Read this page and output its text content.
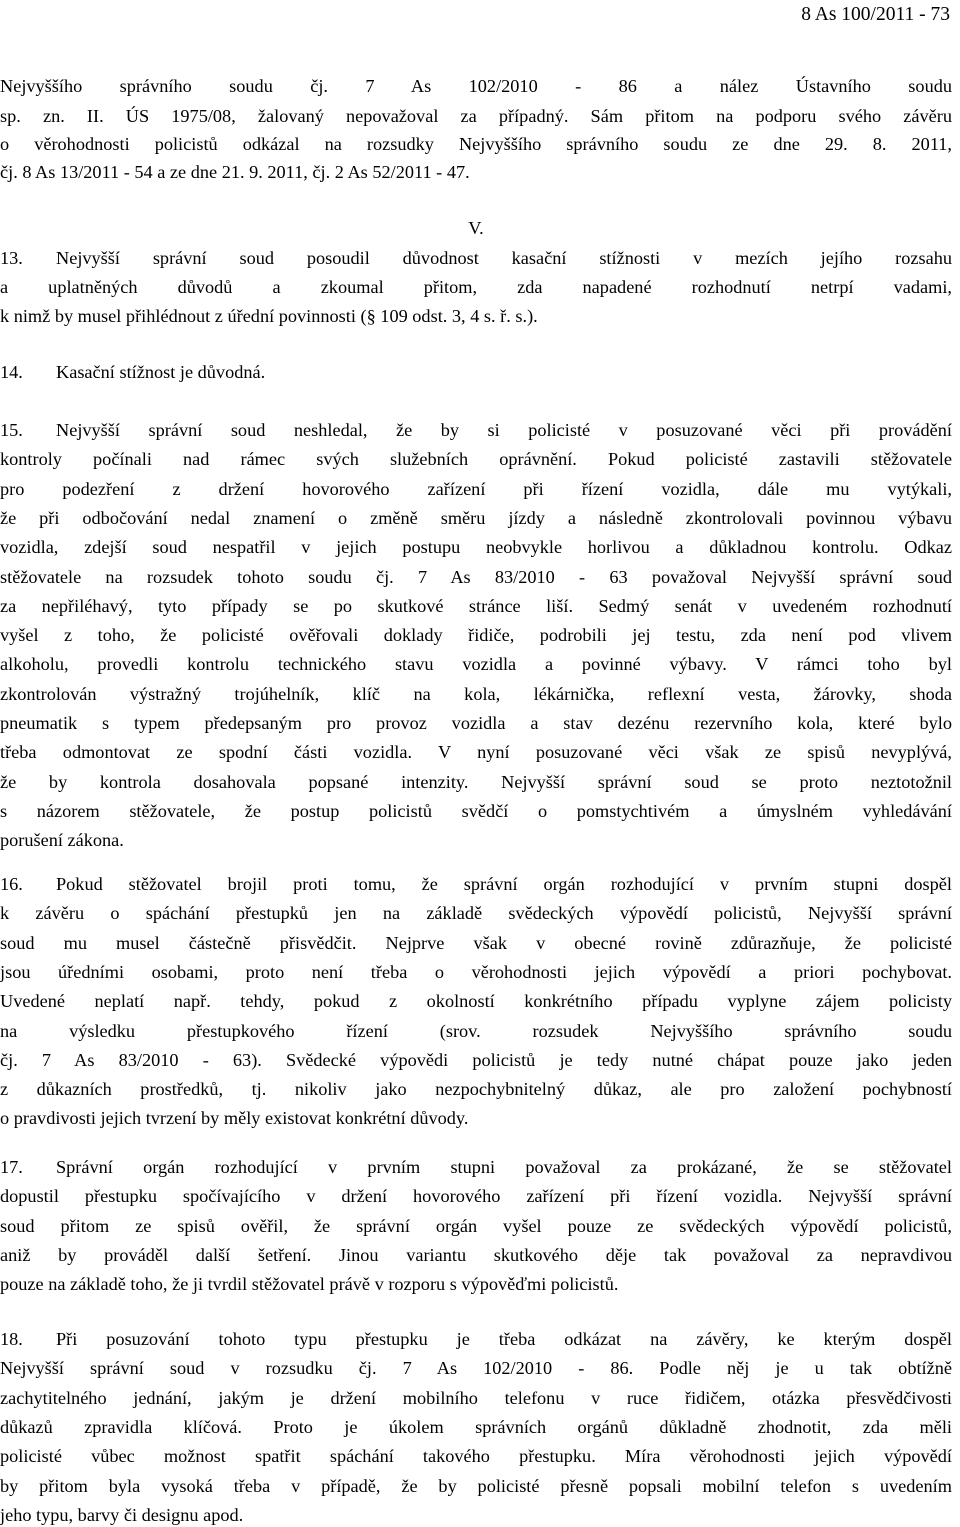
8 As 100/2011 - 73
Nejvyššího správního soudu čj. 7 As 102/2010 - 86 a nález Ústavního soudu
sp. zn. II. ÚS 1975/08, žalovaný nepovažoval za případný. Sám přitom na podporu svého závěru
o věrohodnosti policistů odkázal na rozsudky Nejvyššího správního soudu ze dne 29. 8. 2011,
čj. 8 As 13/2011 - 54 a ze dne 21. 9. 2011, čj. 2 As 52/2011 - 47.
13. Nejvyšší správní soud posoudil důvodnost kasační stížnosti v mezích jejího rozsahu
a uplatněných důvodů a zkoumal přitom, zda napadené rozhodnutí netrpí vadami,
k nimž by musel přihlédnout z úřední povinnosti (§ 109 odst. 3, 4 s. ř. s.).
14. Kasační stížnost je důvodná.
15. Nejvyšší správní soud neshledal, že by si policisté v posuzované věci při provádění
kontroly počínali nad rámec svých služebních oprávnění. Pokud policisté zastavili stěžovatele
pro podezření z držení hovorového zařízení při řízení vozidla, dále mu vytýkali,
že při odbočování nedal znamení o změně směru jízdy a následně zkontrolovali povinnou výbavu
vozidla, zdejší soud nespatřil v jejich postupu neobvykle horlivou a důkladnou kontrolu. Odkaz
stěžovatele na rozsudek tohoto soudu čj. 7 As 83/2010 - 63 považoval Nejvyšší správní soud
za nepřiléhavý, tyto případy se po skutkové stránce liší. Sedmý senát v uvedeném rozhodnutí
vyšel z toho, že policisté ověřovali doklady řidiče, podrobili jej testu, zda není pod vlivem
alkoholu, provedli kontrolu technického stavu vozidla a povinné výbavy. V rámci toho byl
zkontrolován výstražný trojúhelník, klíč na kola, lékárnička, reflexní vesta, žárovky, shoda
pneumatik s typem předepsaným pro provoz vozidla a stav dezénu rezervního kola, které bylo
třeba odmontovat ze spodní části vozidla. V nyní posuzované věci však ze spisů nevyplývá,
že by kontrola dosahovala popsané intenzity. Nejvyšší správní soud se proto neztotožnil
s názorem stěžovatele, že postup policistů svědčí o pomstychtivém a úmyslném vyhledávání
porušení zákona.
16. Pokud stěžovatel brojil proti tomu, že správní orgán rozhodující v prvním stupni dospěl
k závěru o spáchání přestupků jen na základě svědeckých výpovědí policistů, Nejvyšší správní
soud mu musel částečně přisvědčit. Nejprve však v obecné rovině zdůrazňuje, že policisté
jsou úředními osobami, proto není třeba o věrohodnosti jejich výpovědí a priori pochybovat.
Uvedené neplatí např. tehdy, pokud z okolností konkrétního případu vyplyne zájem policisty
na výsledku přestupkového řízení (srov. rozsudek Nejvyššího správního soudu
čj. 7 As 83/2010 - 63). Svědecké výpovědi policistů je tedy nutné chápat pouze jako jeden
z důkazních prostředků, tj. nikoliv jako nezpochybnitelný důkaz, ale pro založení pochybností
o pravdivosti jejich tvrzení by měly existovat konkrétní důvody.
17. Správní orgán rozhodující v prvním stupni považoval za prokázané, že se stěžovatel
dopustil přestupku spočívajícího v držení hovorového zařízení při řízení vozidla. Nejvyšší správní
soud přitom ze spisů ověřil, že správní orgán vyšel pouze ze svědeckých výpovědí policistů,
aniž by prováděl další šetření. Jinou variantu skutkového děje tak považoval za nepravdivou
pouze na základě toho, že ji tvrdil stěžovatel právě v rozporu s výpověďmi policistů.
18. Při posuzování tohoto typu přestupku je třeba odkázat na závěry, ke kterým dospěl
Nejvyšší správní soud v rozsudku čj. 7 As 102/2010 - 86. Podle něj je u tak obtížně
zachytitelného jednání, jakým je držení mobilního telefonu v ruce řidičem, otázka přesvědčivosti
důkazů zpravidla klíčová. Proto je úkolem správních orgánů důkladně zhodnotit, zda měli
policisté vůbec možnost spatřit spáchání takového přestupku. Míra věrohodnosti jejich výpovědí
by přitom byla vysoká třeba v případě, že by policisté přesně popsali mobilní telefon s uvedením
jeho typu, barvy či designu apod.
V.
